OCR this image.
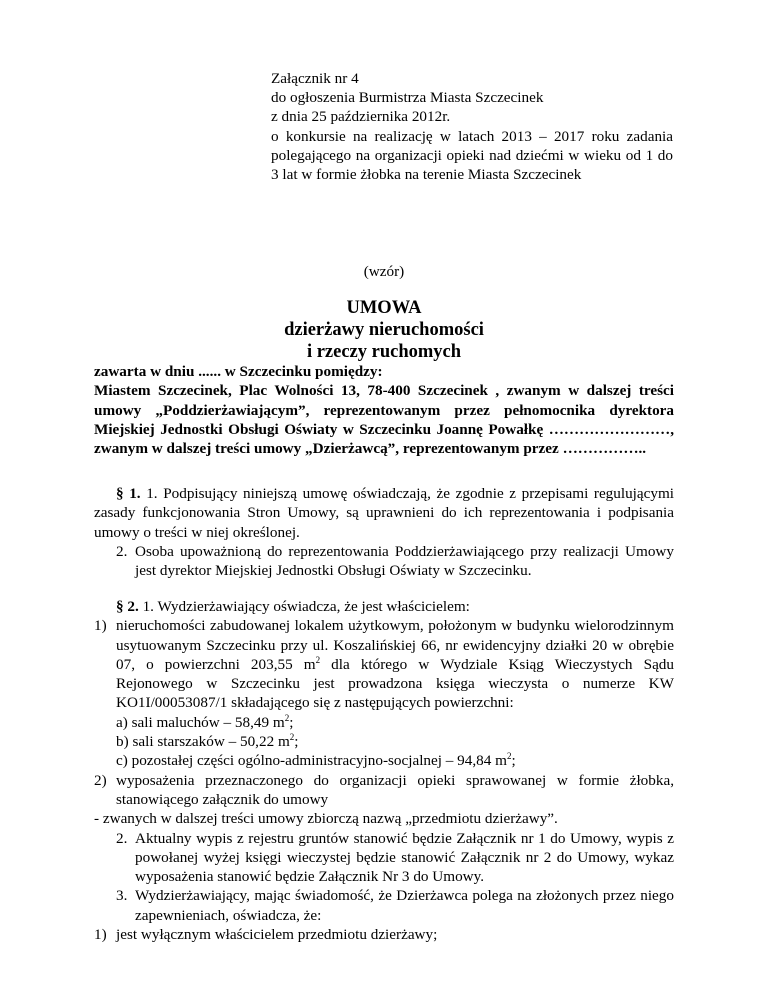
Załącznik nr 4
do ogłoszenia Burmistrza Miasta Szczecinek
z dnia 25 października 2012r.
o konkursie na realizację w latach 2013 – 2017 roku zadania polegającego na organizacji opieki nad dziećmi w wieku od 1 do 3 lat w formie żłobka na terenie Miasta Szczecinek
(wzór)
UMOWA
dzierżawy nieruchomości
i rzeczy ruchomych
zawarta w dniu ...... w Szczecinku pomiędzy:
Miastem Szczecinek, Plac Wolności 13, 78-400 Szczecinek , zwanym w dalszej treści umowy „Poddzierżawiającym”, reprezentowanym przez pełnomocnika dyrektora Miejskiej Jednostki Obsługi Oświaty w Szczecinku Joannę Powałkę ……………………, zwanym w dalszej treści umowy „Dzierżawcą”, reprezentowanym przez ……………..
§ 1. 1. Podpisujący niniejszą umowę oświadczają, że zgodnie z przepisami regulującymi zasady funkcjonowania Stron Umowy, są uprawnieni do ich reprezentowania i podpisania umowy o treści w niej określonej.
2. Osoba upoważnioną do reprezentowania Poddzierżawiającego przy realizacji Umowy jest dyrektor Miejskiej Jednostki Obsługi Oświaty w Szczecinku.
§ 2. 1. Wydzierżawiający oświadcza, że jest właścicielem:
1) nieruchomości zabudowanej lokalem użytkowym, położonym w budynku wielorodzinnym usytuowanym Szczecinku przy ul. Koszalińskiej 66, nr ewidencyjny działki 20 w obrębie 07, o powierzchni 203,55 $m^2$ dla którego w Wydziale Ksiąg Wieczystych Sądu Rejonowego w Szczecinku jest prowadzona księga wieczysta o numerze KW KO1I/00053087/1 składającego się z następujących powierzchni:
a) sali maluchów – 58,49 $m^2$;
b) sali starszaków – 50,22 $m^2$;
c) pozostałej części ogólno-administracyjno-socjalnej – 94,84 $m^2$;
2) wyposażenia przeznaczonego do organizacji opieki sprawowanej w formie żłobka, stanowiącego załącznik do umowy
- zwanych w dalszej treści umowy zbiorczą nazwą „przedmiotu dzierżawy”.
2. Aktualny wypis z rejestru gruntów stanowić będzie Załącznik nr 1 do Umowy, wypis z powołanej wyżej księgi wieczystej będzie stanowić Załącznik nr 2 do Umowy, wykaz wyposażenia stanowić będzie Załącznik Nr 3 do Umowy.
3. Wydzierżawiający, mając świadomość, że Dzierżawca polega na złożonych przez niego zapewnieniach, oświadcza, że:
1) jest wyłącznym właścicielem przedmiotu dzierżawy;
